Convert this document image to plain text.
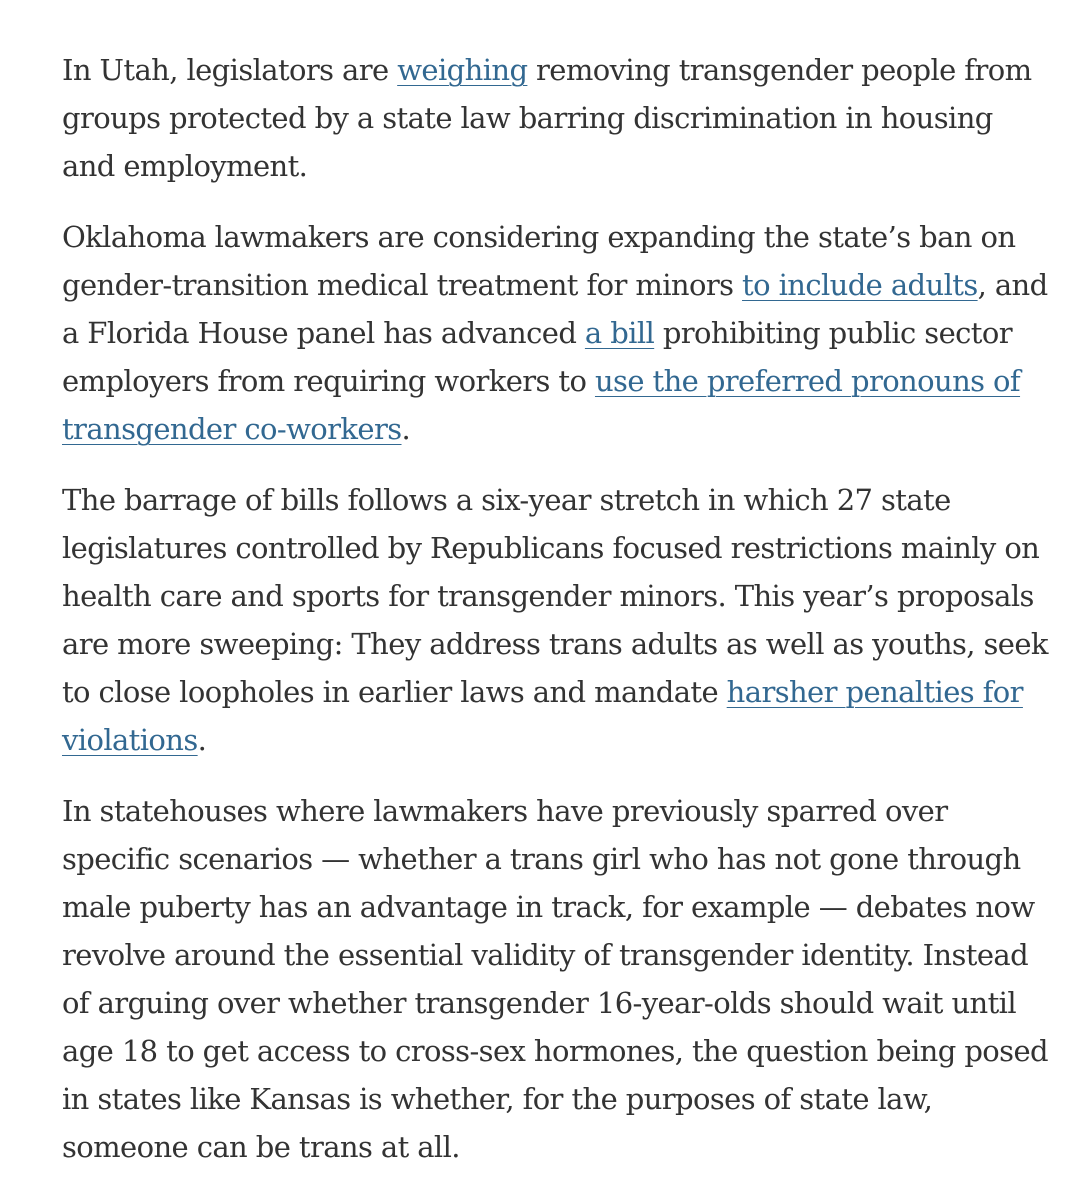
In Utah, legislators are weighing removing transgender people from groups protected by a state law barring discrimination in housing and employment.

Oklahoma lawmakers are considering expanding the state’s ban on gender-transition medical treatment for minors to include adults, and a Florida House panel has advanced a bill prohibiting public sector employers from requiring workers to use the preferred pronouns of transgender co-workers.

The barrage of bills follows a six-year stretch in which 27 state legislatures controlled by Republicans focused restrictions mainly on health care and sports for transgender minors. This year’s proposals are more sweeping: They address trans adults as well as youths, seek to close loopholes in earlier laws and mandate harsher penalties for violations.

In statehouses where lawmakers have previously sparred over specific scenarios — whether a trans girl who has not gone through male puberty has an advantage in track, for example — debates now revolve around the essential validity of transgender identity. Instead of arguing over whether transgender 16-year-olds should wait until age 18 to get access to cross-sex hormones, the question being posed in states like Kansas is whether, for the purposes of state law, someone can be trans at all.
